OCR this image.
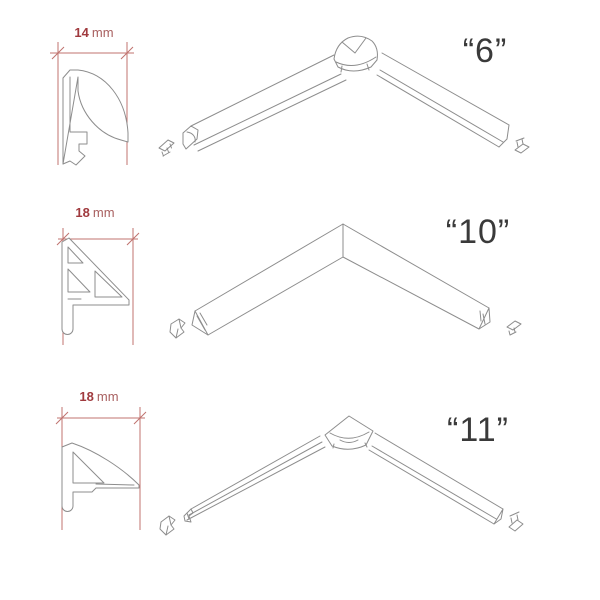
14 mm	“6”
18 mm
“10”
18 mm
“11”
